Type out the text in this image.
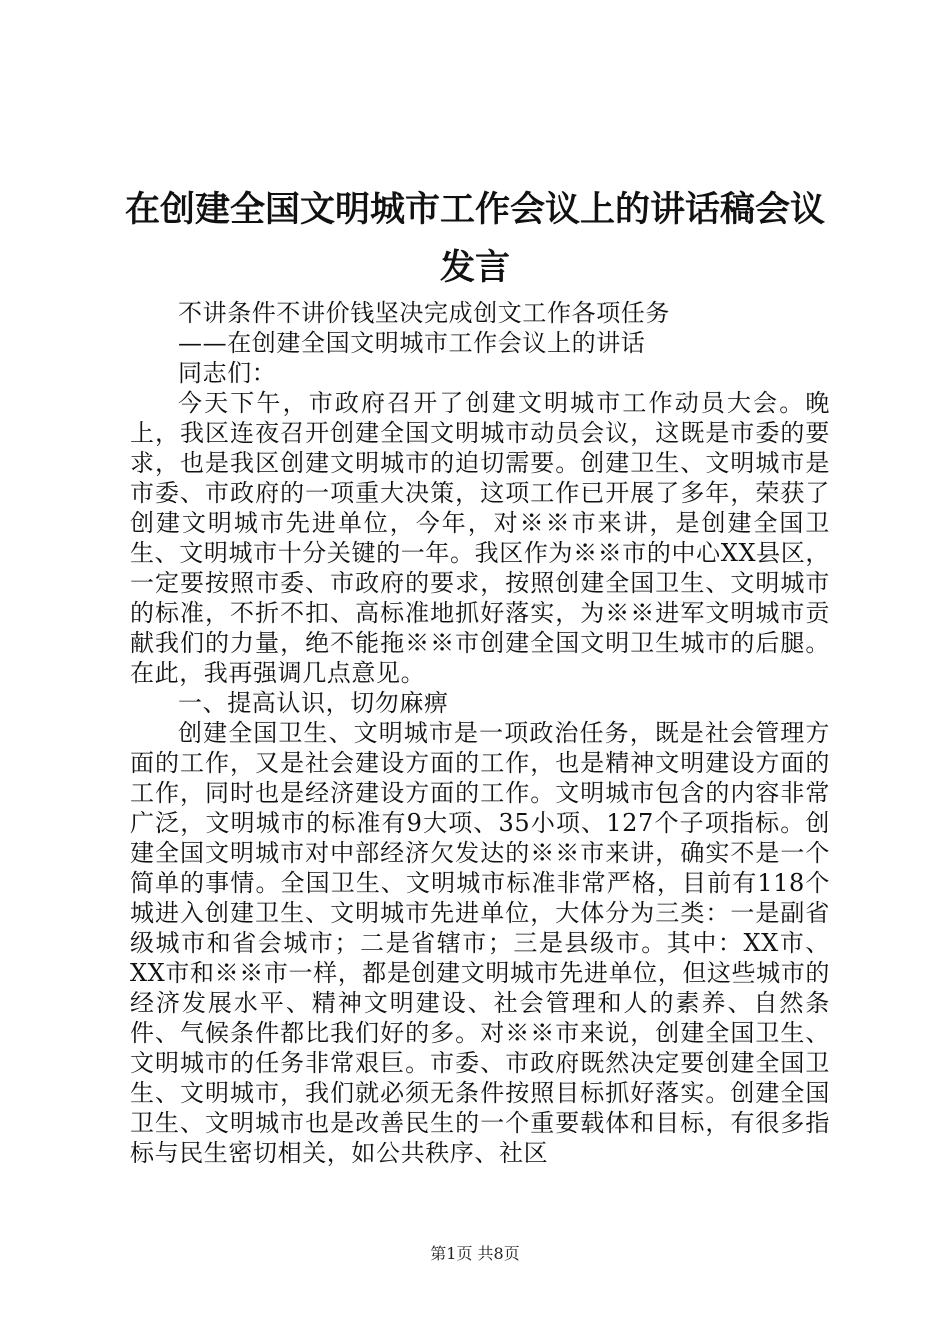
在创建全国文明城市工作会议上的讲话稿会议
发言

不讲条件不讲价钱坚决完成创文工作各项任务

——在创建全国文明城市工作会议上的讲话

同志们：

今天下午，市政府召开了创建文明城市工作动员大会。晚上，我区连夜召开创建全国文明城市动员会议，这既是市委的要求，也是我区创建文明城市的迫切需要。创建卫生、文明城市是市委、市政府的一项重大决策，这项工作已开展了多年，荣获了创建文明城市先进单位，今年，对※※市来讲，是创建全国卫生、文明城市十分关键的一年。我区作为※※市的中心XX县区，一定要按照市委、市政府的要求，按照创建全国卫生、文明城市的标准，不折不扣、高标准地抓好落实，为※※进军文明城市贡献我们的力量，绝不能拖※※市创建全国文明卫生城市的后腿。在此，我再强调几点意见。

一、提高认识，切勿麻痹

创建全国卫生、文明城市是一项政治任务，既是社会管理方面的工作，又是社会建设方面的工作，也是精神文明建设方面的工作，同时也是经济建设方面的工作。文明城市包含的内容非常广泛，文明城市的标准有9大项、35小项、127个子项指标。创建全国文明城市对中部经济欠发达的※※市来讲，确实不是一个简单的事情。全国卫生、文明城市标准非常严格，目前有118个城进入创建卫生、文明城市先进单位，大体分为三类：一是副省级城市和省会城市；二是省辖市；三是县级市。其中：XX市、XX市和※※市一样，都是创建文明城市先进单位，但这些城市的经济发展水平、精神文明建设、社会管理和人的素养、自然条件、气候条件都比我们好的多。对※※市来说，创建全国卫生、文明城市的任务非常艰巨。市委、市政府既然决定要创建全国卫生、文明城市，我们就必须无条件按照目标抓好落实。创建全国卫生、文明城市也是改善民生的一个重要载体和目标，有很多指标与民生密切相关，如公共秩序、社区

第1页 共8页
